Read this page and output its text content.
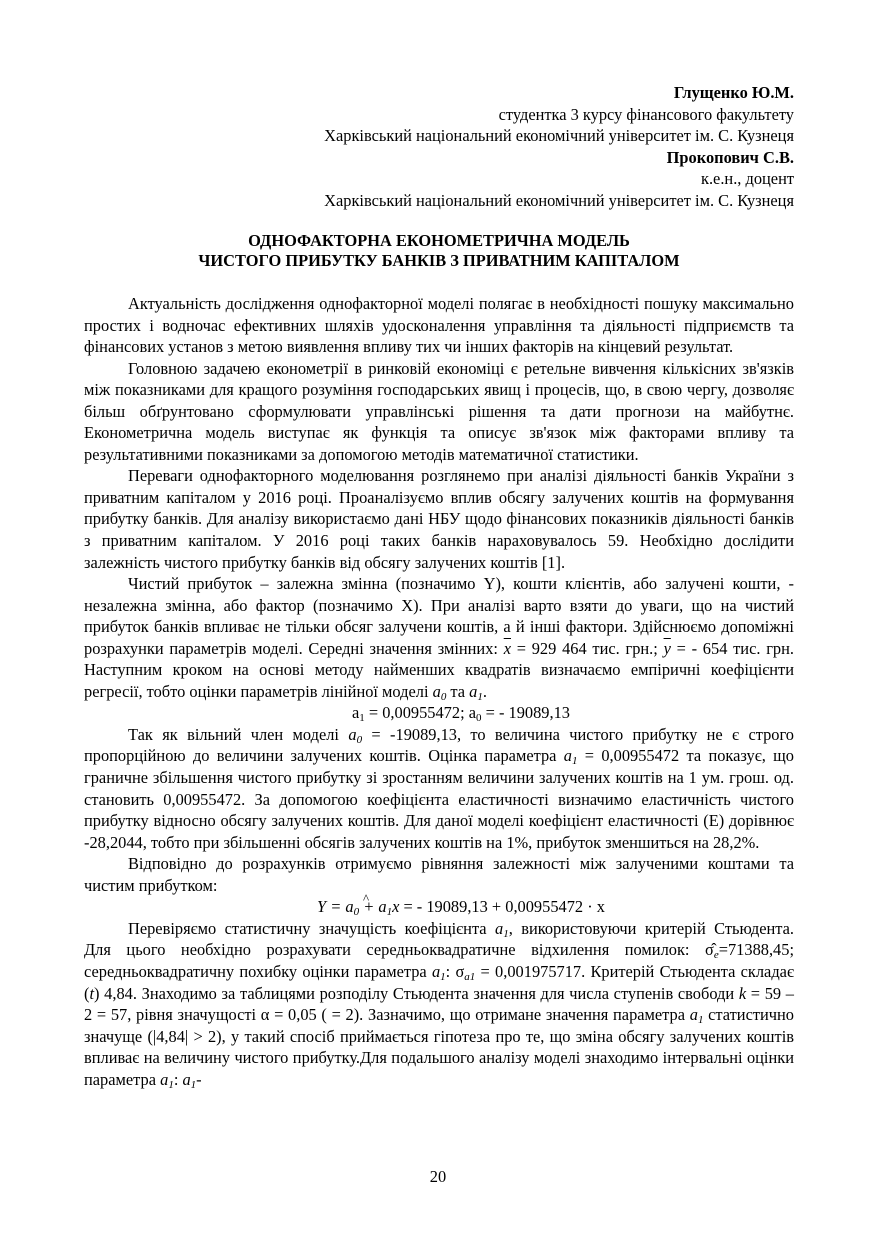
Глущенко Ю.М.
студентка 3 курсу фінансового факультету
Харківський національний економічний університет ім. С. Кузнеця
Прокопович С.В.
к.е.н., доцент
Харківський національний економічний університет ім. С. Кузнеця
ОДНОФАКТОРНА ЕКОНОМЕТРИЧНА МОДЕЛЬ
ЧИСТОГО ПРИБУТКУ БАНКІВ З ПРИВАТНИМ КАПІТАЛОМ

Актуальність дослідження однофакторної моделі полягає в необхідності пошуку максимально простих і водночас ефективних шляхів удосконалення управління та діяльності підприємств та фінансових установ з метою виявлення впливу тих чи інших факторів на кінцевий результат.

Головною задачею економетрії в ринковій економіці є ретельне вивчення кількісних зв'язків між показниками для кращого розуміння господарських явищ і процесів, що, в свою чергу, дозволяє більш обґрунтовано сформулювати управлінські рішення та дати прогнози на майбутнє. Економетрична модель виступає як функція та описує зв'язок між факторами впливу та результативними показниками за допомогою методів математичної статистики.

Переваги однофакторного моделювання розглянемо при аналізі діяльності банків України з приватним капіталом у 2016 році. Проаналізуємо вплив обсягу залучених коштів на формування прибутку банків. Для аналізу використаємо дані НБУ щодо фінансових показників діяльності банків з приватним капіталом. У 2016 році таких банків нараховувалось 59. Необхідно дослідити залежність чистого прибутку банків від обсягу залучених коштів [1].

Чистий прибуток – залежна змінна (позначимо Y), кошти клієнтів, або залучені кошти, - незалежна змінна, або фактор (позначимо X). При аналізі варто взяти до уваги, що на чистий прибуток банків впливає не тільки обсяг залучени коштів, а й інші фактори. Здійснюємо допоміжні розрахунки параметрів моделі. Середні значення змінних: $\overline{x} = 929$ 464 тис. грн.; $\overline{y}$ = - 654 тис. грн. Наступним кроком на основі методу найменших квадратів визначаємо емпіричні коефіцієнти регресії, тобто оцінки параметрів лінійної моделі $a_0$ та $a_1$.

$a_1 = 0,00955472$; $a_0$ = - 19089,13

Так як вільний член моделі $a_0 = -19089,13$, то величина чистого прибутку не є строго пропорційною до величини залучених коштів. Оцінка параметра $a_1 = 0,00955472$ та показує, що граничне збільшення чистого прибутку зі зростанням величини залучених коштів на 1 ум. грош. од. становить 0,00955472. За допомогою коефіцієнта еластичності визначимо еластичність чистого прибутку відносно обсягу залучених коштів. Для даної моделі коефіцієнт еластичності (Е) дорівнює -28,2044, тобто при збільшенні обсягів залучених коштів на 1%, прибуток зменшиться на 28,2%.

Відповідно до розрахунків отримуємо рівняння залежності між залученими коштами та чистим прибутком:

^ $Y = a_0 + a_1x$ = - 19089,13 + 0,00955472 · x

Перевіряємо статистичну значущість коефіцієнта $a_1$, використовуючи критерій Стьюдента. Для цього необхідно розрахувати середньоквадратичне відхилення помилок: $\sigmâ_e=71388,45$; середньоквадратичну похибку оцінки параметра $a_1$: $\sigma_{a1} = 0,001975717$. Критерій Стьюдента складає (t) 4,84. Знаходимо за таблицями розподілу Стьюдента значення для числа ступенів свободи k = 59 – 2 = 57, рівня значущості α = 0,05 ( = 2). Зазначимо, що отримане значення параметра $a_1$ статистично значуще (|4,84| > 2), у такий спосіб приймається гіпотеза про те, що зміна обсягу залучених коштів впливає на величину чистого прибутку.Для подальшого аналізу моделі знаходимо інтервальні оцінки параметра $a_1$: $a_1-$

20
